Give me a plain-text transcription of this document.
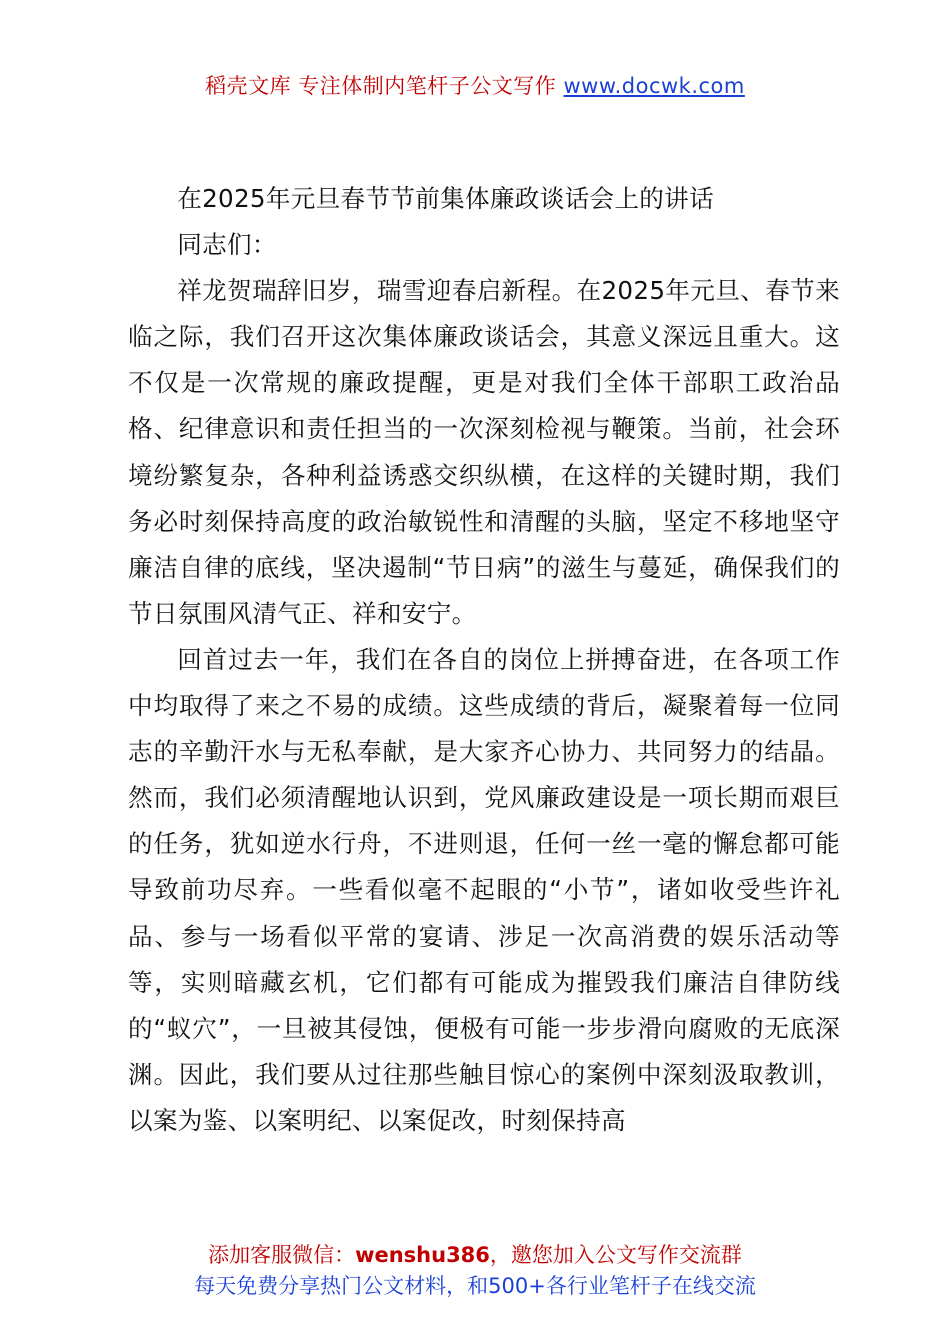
稻壳文库 专注体制内笔杆子公文写作 www.docwk.com

在2025年元旦春节节前集体廉政谈话会上的讲话

同志们：

祥龙贺瑞辞旧岁，瑞雪迎春启新程。在2025年元旦、春节来临之际，我们召开这次集体廉政谈话会，其意义深远且重大。这不仅是一次常规的廉政提醒，更是对我们全体干部职工政治品格、纪律意识和责任担当的一次深刻检视与鞭策。当前，社会环境纷繁复杂，各种利益诱惑交织纵横，在这样的关键时期，我们务必时刻保持高度的政治敏锐性和清醒的头脑，坚定不移地坚守廉洁自律的底线，坚决遏制“节日病”的滋生与蔓延，确保我们的节日氛围风清气正、祥和安宁。

回首过去一年，我们在各自的岗位上拼搏奋进，在各项工作中均取得了来之不易的成绩。这些成绩的背后，凝聚着每一位同志的辛勤汗水与无私奉献，是大家齐心协力、共同努力的结晶。然而，我们必须清醒地认识到，党风廉政建设是一项长期而艰巨的任务，犹如逆水行舟，不进则退，任何一丝一毫的懈怠都可能导致前功尽弃。一些看似毫不起眼的“小节”，诸如收受些许礼品、参与一场看似平常的宴请、涉足一次高消费的娱乐活动等等，实则暗藏玄机，它们都有可能成为摧毁我们廉洁自律防线的“蚁穴”，一旦被其侵蚀，便极有可能一步步滑向腐败的无底深渊。因此，我们要从过往那些触目惊心的案例中深刻汲取教训，以案为鉴、以案明纪、以案促改，时刻保持高

添加客服微信：wenshu386，邀您加入公文写作交流群
每天免费分享热门公文材料，和500+各行业笔杆子在线交流
